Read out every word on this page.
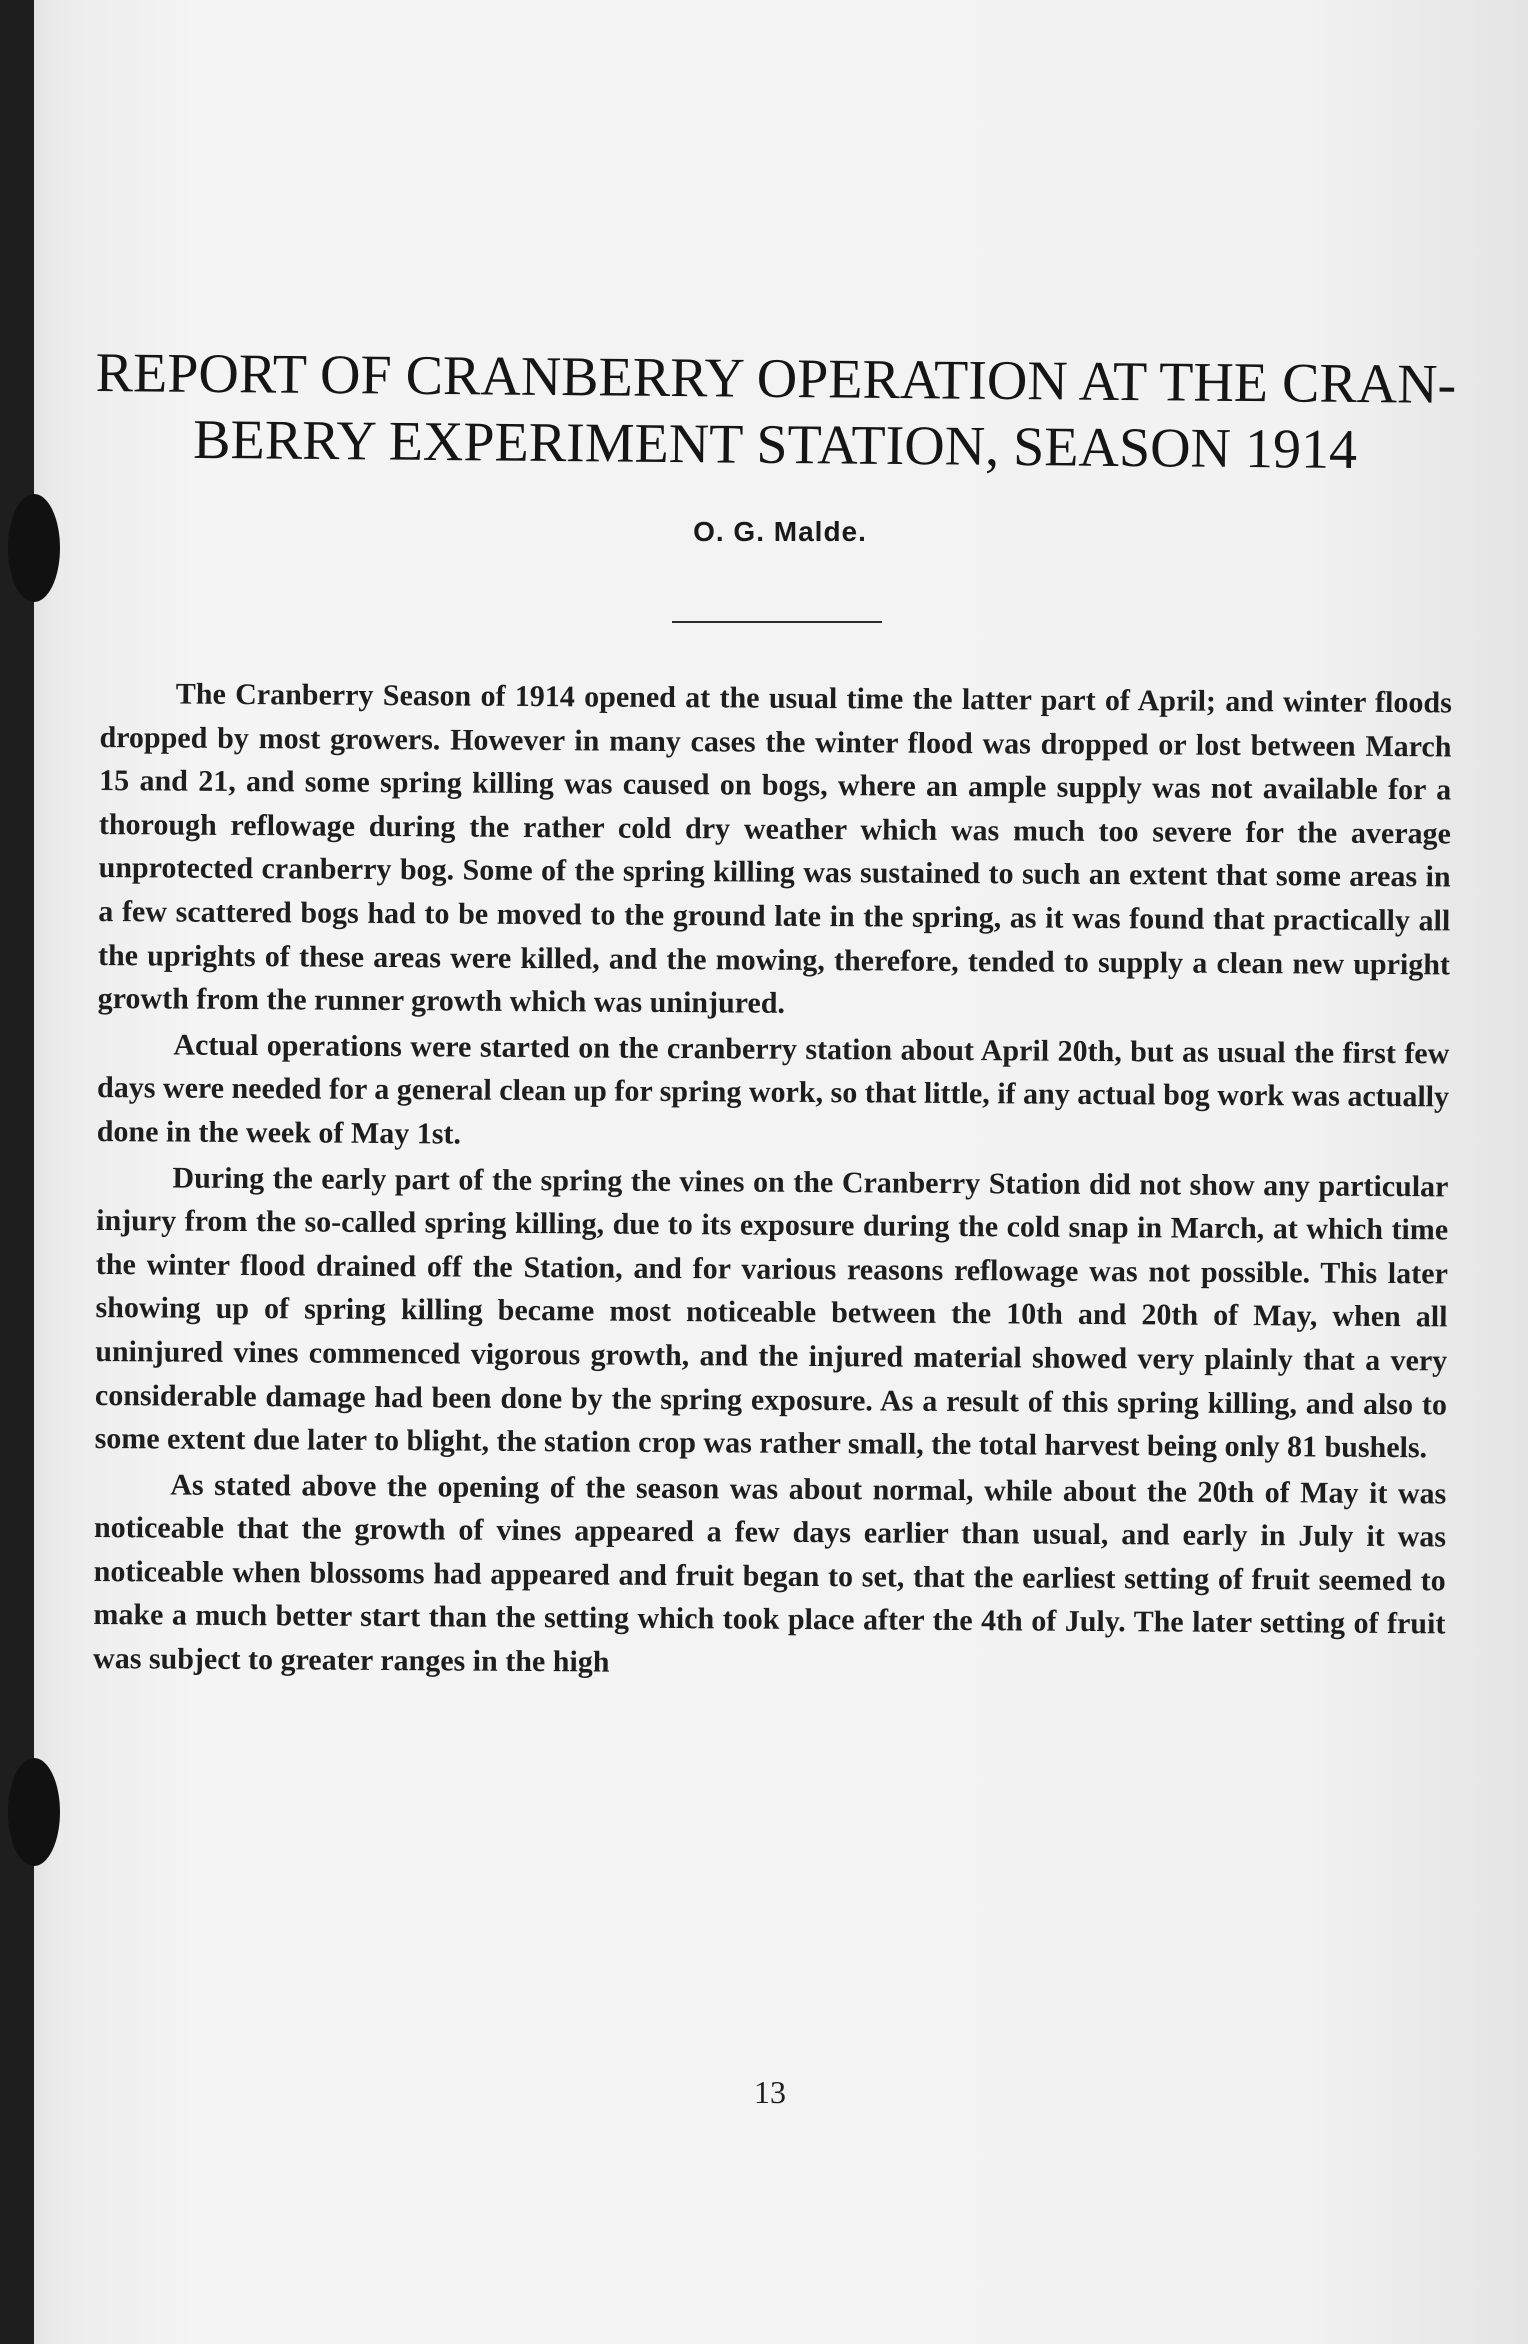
REPORT OF CRANBERRY OPERATION AT THE CRAN-
BERRY EXPERIMENT STATION, SEASON 1914
O. G. Malde.

The Cranberry Season of 1914 opened at the usual time the latter part of April; and winter floods dropped by most growers. However in many cases the winter flood was dropped or lost between March 15 and 21, and some spring killing was caused on bogs, where an ample supply was not available for a thorough reflowage during the rather cold dry weather which was much too severe for the average unprotected cranberry bog. Some of the spring killing was sustained to such an extent that some areas in a few scattered bogs had to be moved to the ground late in the spring, as it was found that practically all the uprights of these areas were killed, and the mowing, therefore, tended to supply a clean new upright growth from the runner growth which was uninjured.

Actual operations were started on the cranberry station about April 20th, but as usual the first few days were needed for a general clean up for spring work, so that little, if any actual bog work was actually done in the week of May 1st.

During the early part of the spring the vines on the Cranberry Station did not show any particular injury from the so-called spring killing, due to its exposure during the cold snap in March, at which time the winter flood drained off the Station, and for various reasons reflowage was not possible. This later showing up of spring killing became most noticeable between the 10th and 20th of May, when all uninjured vines commenced vigorous growth, and the injured material showed very plainly that a very considerable damage had been done by the spring exposure. As a result of this spring killing, and also to some extent due later to blight, the station crop was rather small, the total harvest being only 81 bushels.

As stated above the opening of the season was about normal, while about the 20th of May it was noticeable that the growth of vines appeared a few days earlier than usual, and early in July it was noticeable when blossoms had appeared and fruit began to set, that the earliest setting of fruit seemed to make a much better start than the setting which took place after the 4th of July. The later setting of fruit was subject to greater ranges in the high

13
